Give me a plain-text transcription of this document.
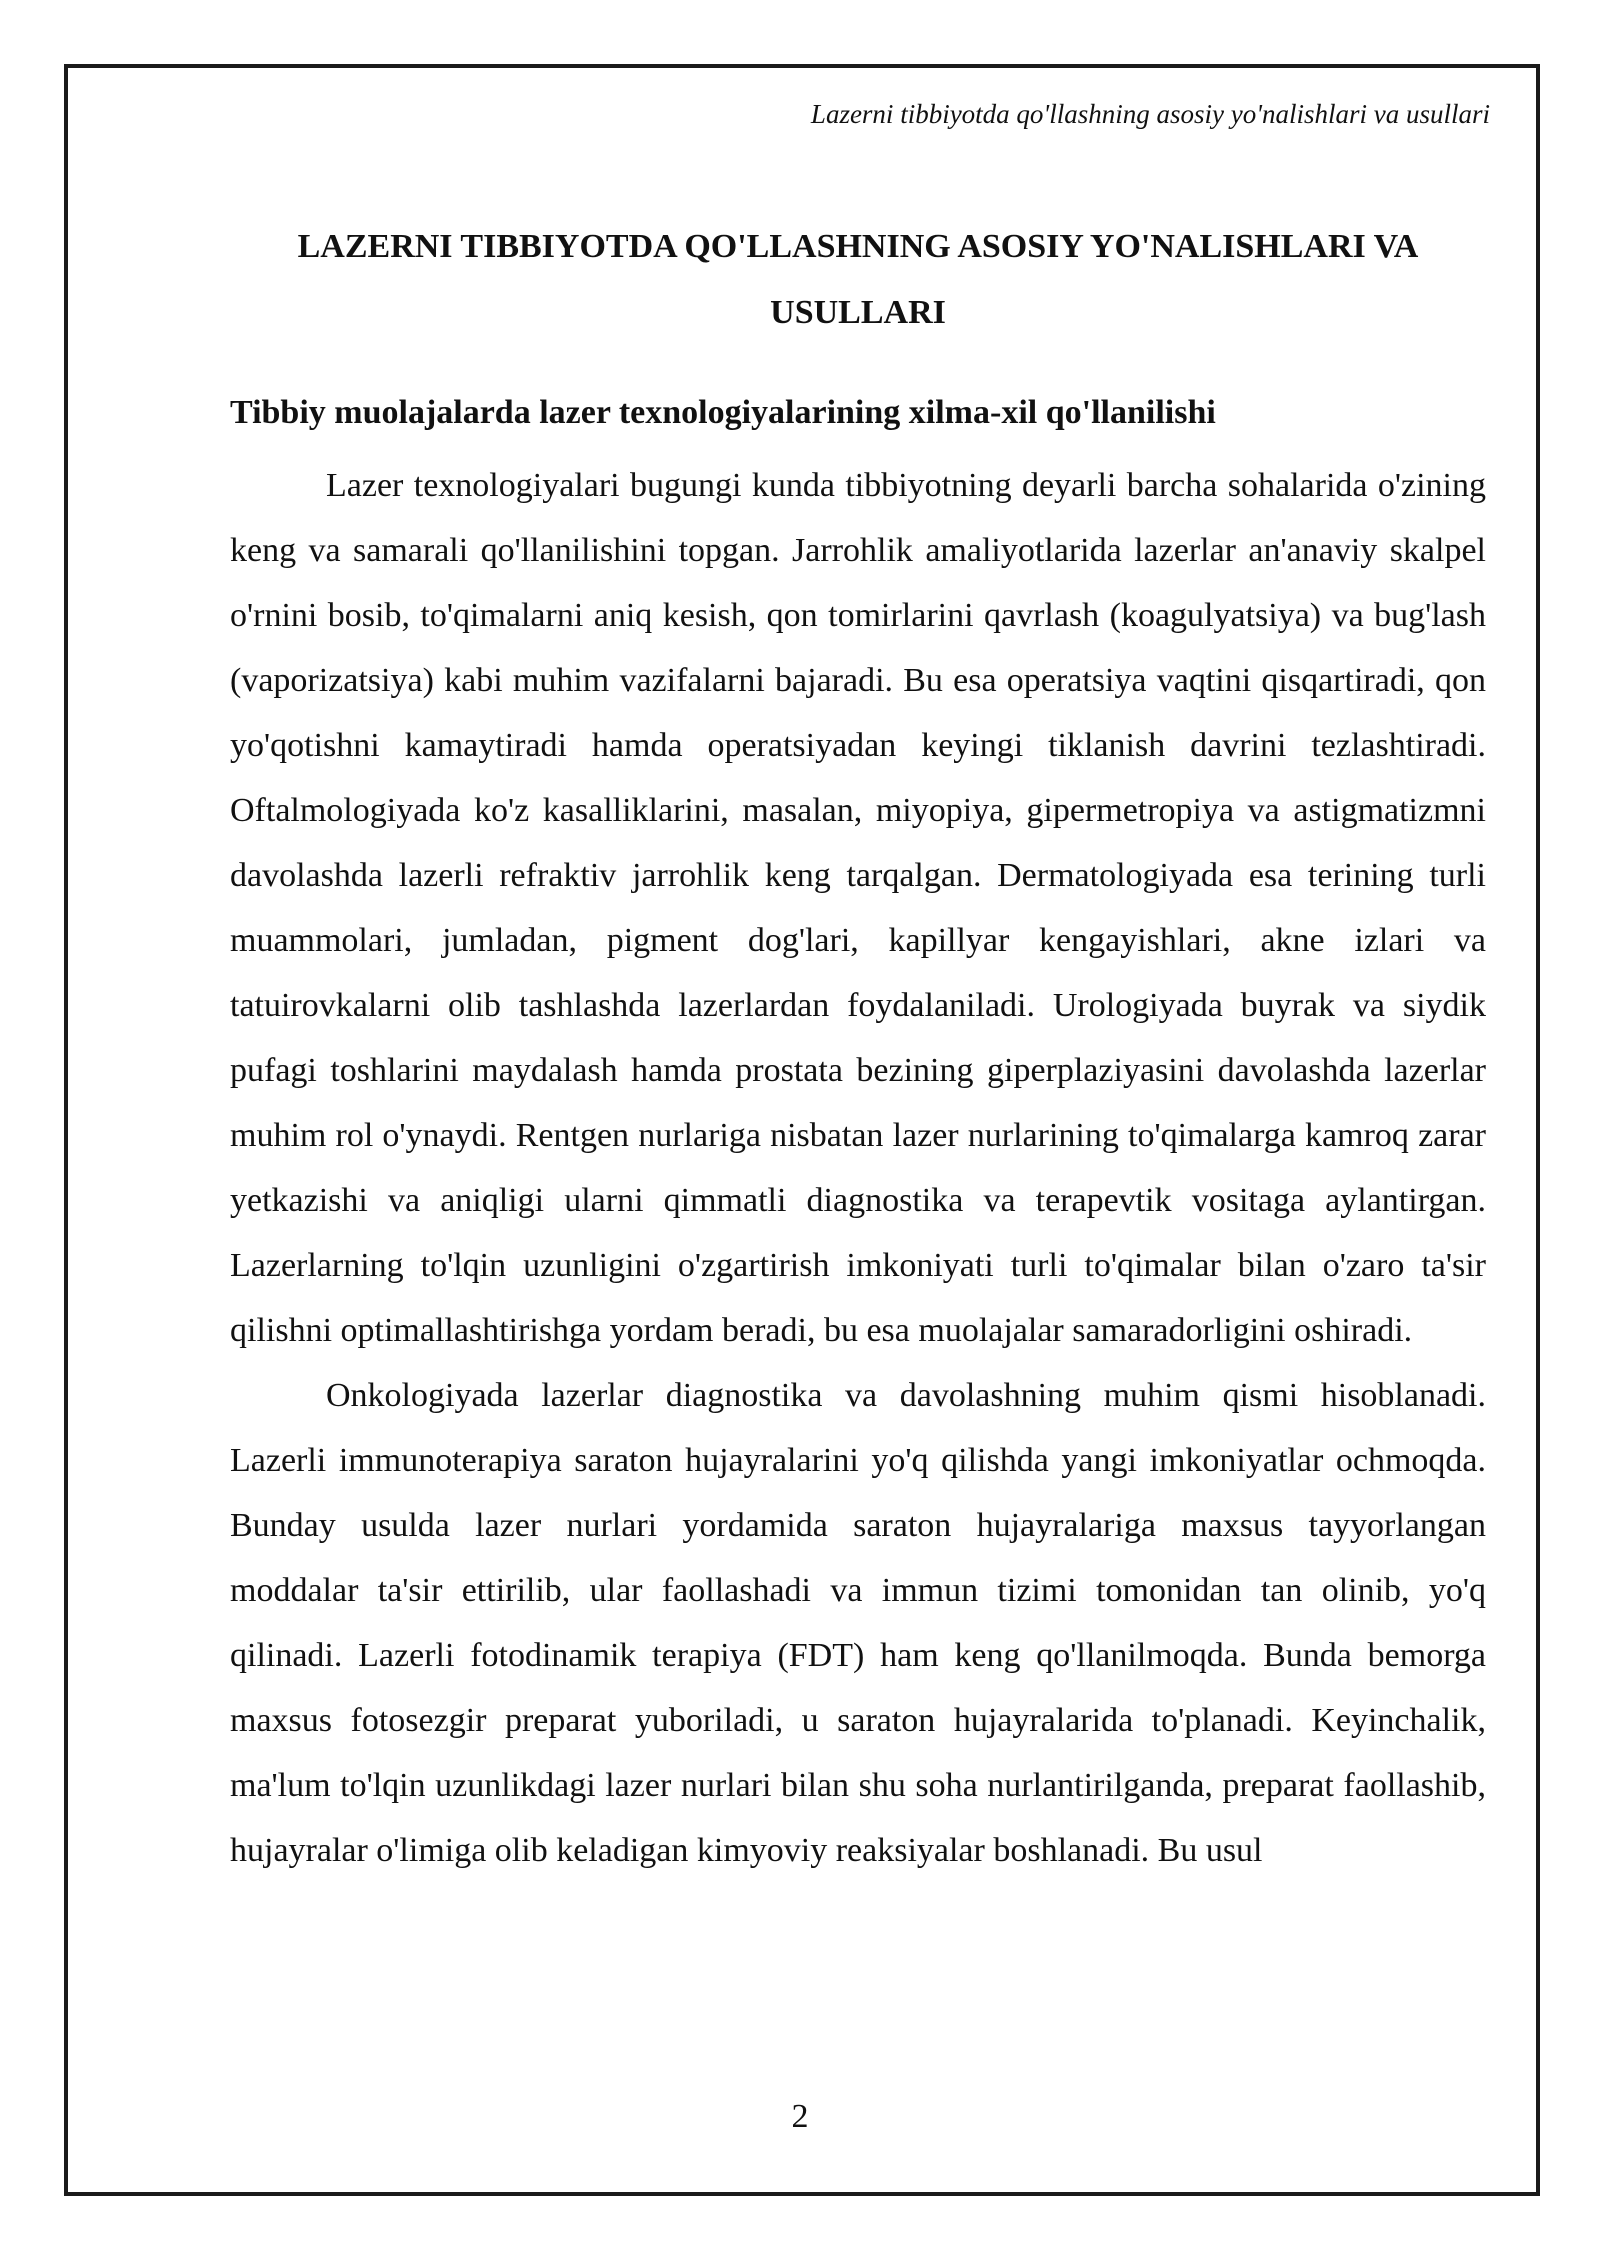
Lazerni tibbiyotda qo'llashning asosiy yo'nalishlari va usullari
LAZERNI TIBBIYOTDA QO'LLASHNING ASOSIY YO'NALISHLARI VA USULLARI
Tibbiy muolajalarda lazer texnologiyalarining xilma-xil qo'llanilishi

Lazer texnologiyalari bugungi kunda tibbiyotning deyarli barcha sohalarida o'zining keng va samarali qo'llanilishini topgan. Jarrohlik amaliyotlarida lazerlar an'anaviy skalpel o'rnini bosib, to'qimalarni aniq kesish, qon tomirlarini qavrlash (koagulyatsiya) va bug'lash (vaporizatsiya) kabi muhim vazifalarni bajaradi. Bu esa operatsiya vaqtini qisqartiradi, qon yo'qotishni kamaytiradi hamda operatsiyadan keyingi tiklanish davrini tezlashtiradi. Oftalmologiyada ko'z kasalliklarini, masalan, miyopiya, gipermetropiya va astigmatizmni davolashda lazerli refraktiv jarrohlik keng tarqalgan. Dermatologiyada esa terining turli muammolari, jumladan, pigment dog'lari, kapillyar kengayishlari, akne izlari va tatuirovkalarni olib tashlashda lazerlardan foydalaniladi. Urologiyada buyrak va siydik pufagi toshlarini maydalash hamda prostata bezining giperplaziyasini davolashda lazerlar muhim rol o'ynaydi. Rentgen nurlariga nisbatan lazer nurlarining to'qimalarga kamroq zarar yetkazishi va aniqligi ularni qimmatli diagnostika va terapevtik vositaga aylantirgan. Lazerlarning to'lqin uzunligini o'zgartirish imkoniyati turli to'qimalar bilan o'zaro ta'sir qilishni optimallashtirishga yordam beradi, bu esa muolajalar samaradorligini oshiradi.

Onkologiyada lazerlar diagnostika va davolashning muhim qismi hisoblanadi. Lazerli immunoterapiya saraton hujayralarini yo'q qilishda yangi imkoniyatlar ochmoqda. Bunday usulda lazer nurlari yordamida saraton hujayralariga maxsus tayyorlangan moddalar ta'sir ettirilib, ular faollashadi va immun tizimi tomonidan tan olinib, yo'q qilinadi. Lazerli fotodinamik terapiya (FDT) ham keng qo'llanilmoqda. Bunda bemorga maxsus fotosezgir preparat yuboriladi, u saraton hujayralarida to'planadi. Keyinchalik, ma'lum to'lqin uzunlikdagi lazer nurlari bilan shu soha nurlantirilganda, preparat faollashib, hujayralar o'limiga olib keladigan kimyoviy reaksiyalar boshlanadi. Bu usul

2
